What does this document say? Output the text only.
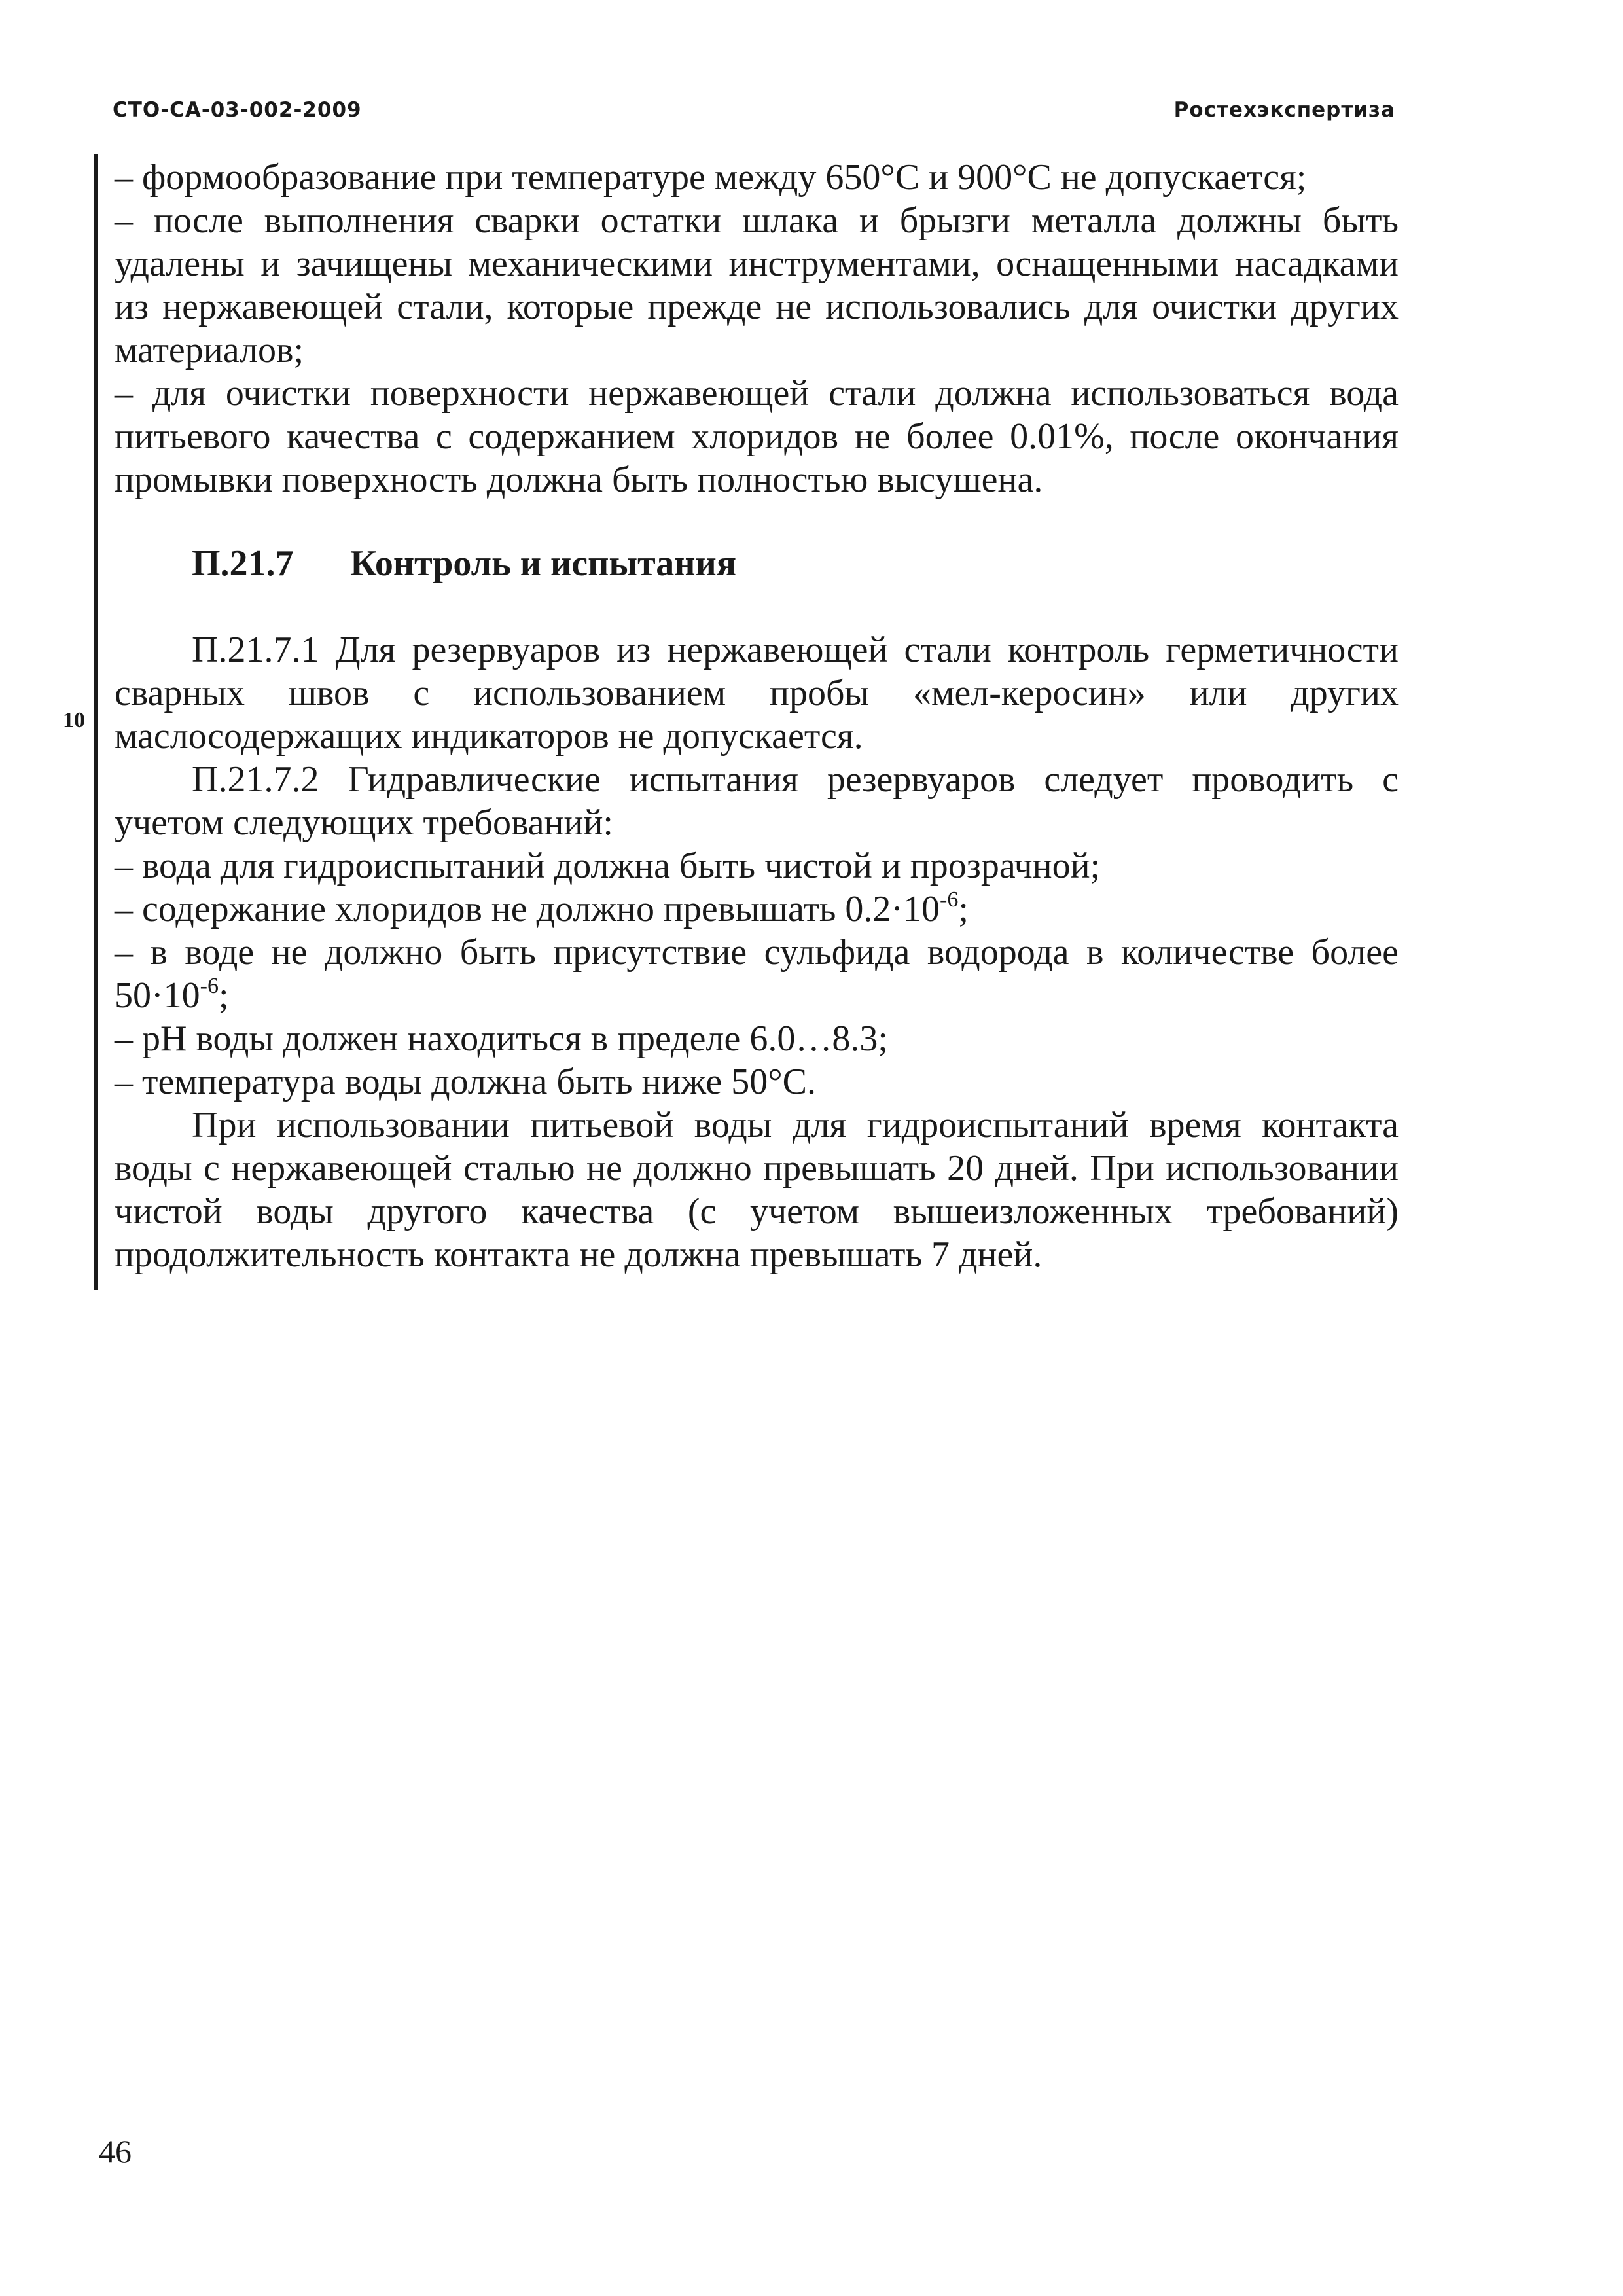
СТО-СА-03-002-2009	Ростехэкспертиза
10

– формообразование при температуре между 650°С и 900°С не допускается;

– после выполнения сварки остатки шлака и брызги металла должны быть удалены и зачищены механическими инструментами, оснащенными насадками из нержавеющей стали, которые прежде не использовались для очистки других материалов;

– для очистки поверхности нержавеющей стали должна использоваться вода питьевого качества с содержанием хлоридов не более 0.01%, после окончания промывки поверхность должна быть полностью высушена.

П.21.7 Контроль и испытания

П.21.7.1 Для резервуаров из нержавеющей стали контроль герметичности сварных швов с использованием пробы «мел-керосин» или других маслосодержащих индикаторов не допускается.

П.21.7.2 Гидравлические испытания резервуаров следует проводить с учетом следующих требований:

– вода для гидроиспытаний должна быть чистой и прозрачной;

– содержание хлоридов не должно превышать $0.2\cdot 10^{-6}$;

– в воде не должно быть присутствие сульфида водорода в количестве более $50\cdot 10^{-6}$;

– pH воды должен находиться в пределе 6.0…8.3;

– температура воды должна быть ниже 50°С.

При использовании питьевой воды для гидроиспытаний время контакта воды с нержавеющей сталью не должно превышать 20 дней. При использовании чистой воды другого качества (с учетом вышеизложенных требований) продолжительность контакта не должна превышать 7 дней.

46
